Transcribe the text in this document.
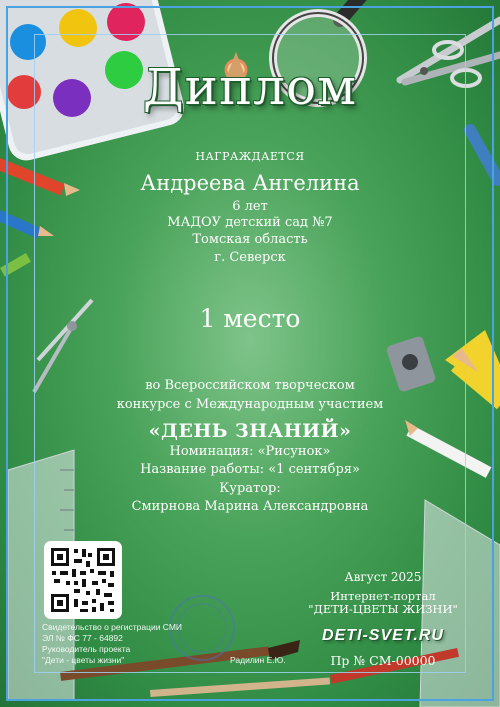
Диплом
НАГРАЖДАЕТСЯ
Андреева Ангелина
6 лет
МАДОУ детский сад №7
Томская область
г. Северск
1 место
во Всероссийском творческом
конкурсе с Международным участием
«ДЕНЬ ЗНАНИЙ»
Номинация: «Рисунок»
Название работы: «1 сентября»
Куратор:
Смирнова Марина Александровна
Свидетельство о регистрации СМИ
ЭЛ № ФС 77 - 64892
Руководитель проекта
"Дети - цветы жизни"	Радилин Е.Ю.
Август 2025
Интернет-портал
"ДЕТИ-ЦВЕТЫ ЖИЗНИ"
DETI-SVET.RU
Пр № СМ-00000
